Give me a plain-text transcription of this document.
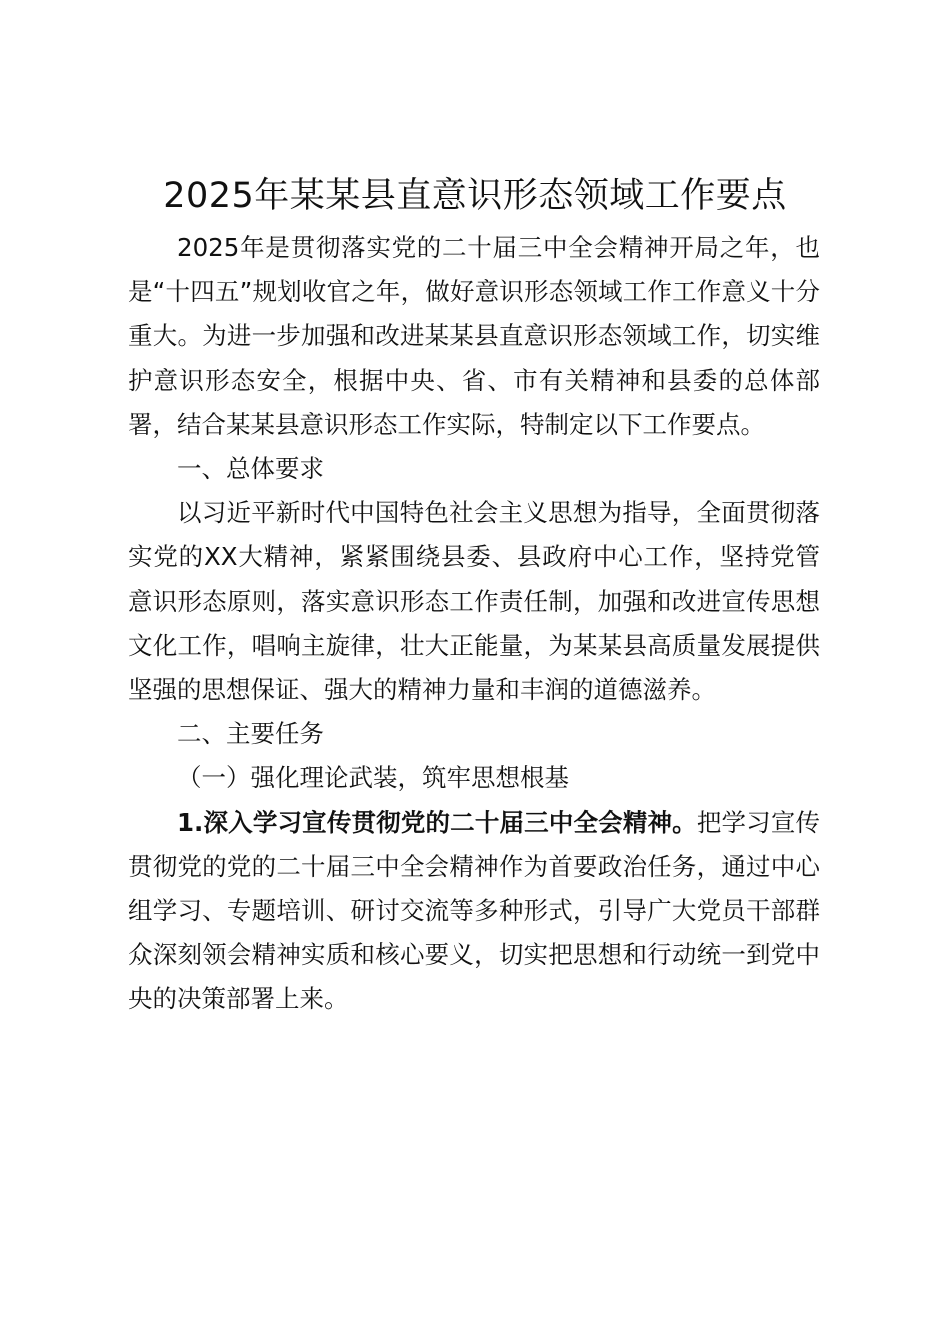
2025年某某县直意识形态领域工作要点

2025年是贯彻落实党的二十届三中全会精神开局之年，也是“十四五”规划收官之年，做好意识形态领域工作工作意义十分重大。为进一步加强和改进某某县直意识形态领域工作，切实维护意识形态安全，根据中央、省、市有关精神和县委的总体部署，结合某某县意识形态工作实际，特制定以下工作要点。

一、总体要求

以习近平新时代中国特色社会主义思想为指导，全面贯彻落实党的XX大精神，紧紧围绕县委、县政府中心工作，坚持党管意识形态原则，落实意识形态工作责任制，加强和改进宣传思想文化工作，唱响主旋律，壮大正能量，为某某县高质量发展提供坚强的思想保证、强大的精神力量和丰润的道德滋养。

二、主要任务

（一）强化理论武装，筑牢思想根基

1.深入学习宣传贯彻党的二十届三中全会精神。把学习宣传贯彻党的党的二十届三中全会精神作为首要政治任务，通过中心组学习、专题培训、研讨交流等多种形式，引导广大党员干部群众深刻领会精神实质和核心要义，切实把思想和行动统一到党中央的决策部署上来。
